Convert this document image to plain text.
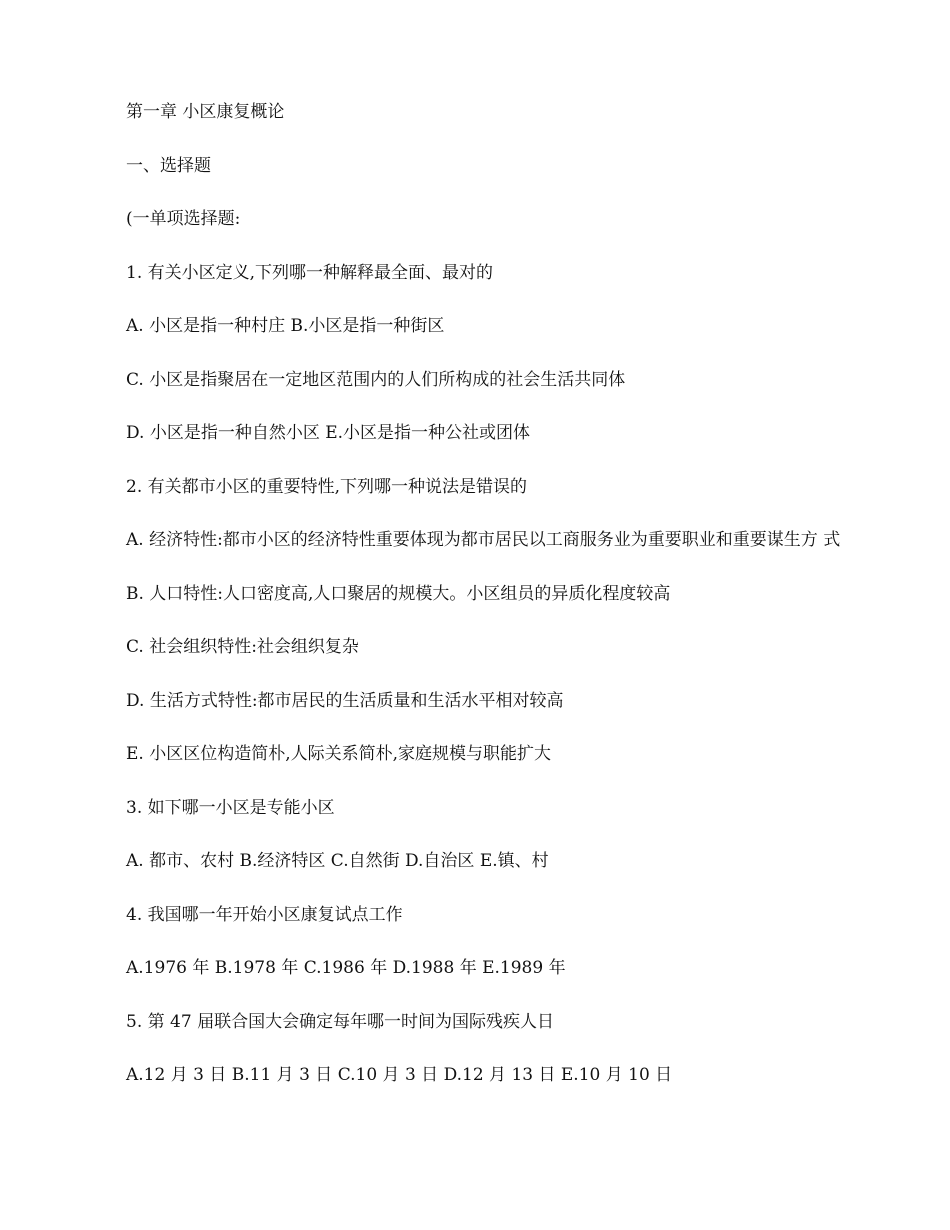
第一章 小区康复概论

一、选择题

(一单项选择题:

1. 有关小区定义,下列哪一种解释最全面、最对的

A. 小区是指一种村庄 B.小区是指一种街区

C. 小区是指聚居在一定地区范围内的人们所构成的社会生活共同体

D. 小区是指一种自然小区 E.小区是指一种公社或团体

2. 有关都市小区的重要特性,下列哪一种说法是错误的

A. 经济特性:都市小区的经济特性重要体现为都市居民以工商服务业为重要职业和重要谋生方 式

B. 人口特性:人口密度高,人口聚居的规模大。小区组员的异质化程度较高

C. 社会组织特性:社会组织复杂

D. 生活方式特性:都市居民的生活质量和生活水平相对较高

E. 小区区位构造简朴,人际关系简朴,家庭规模与职能扩大

3. 如下哪一小区是专能小区

A. 都市、农村 B.经济特区 C.自然街 D.自治区 E.镇、村

4. 我国哪一年开始小区康复试点工作

A.1976 年 B.1978 年 C.1986 年 D.1988 年 E.1989 年

5. 第 47 届联合国大会确定每年哪一时间为国际残疾人日

A.12 月 3 日 B.11 月 3 日 C.10 月 3 日 D.12 月 13 日 E.10 月 10 日
